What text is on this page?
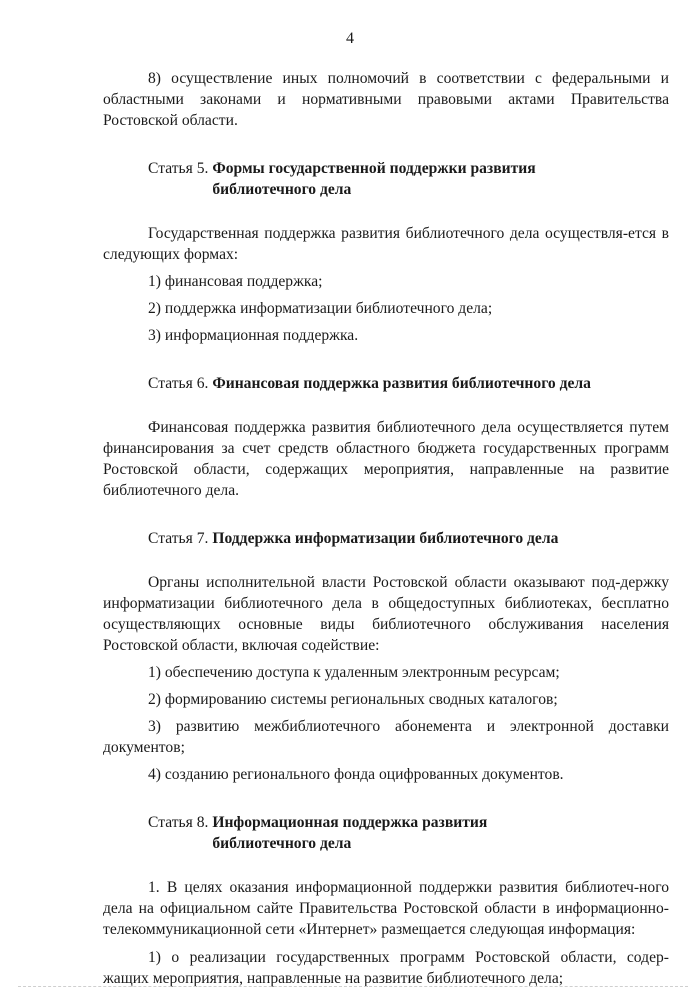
4

8) осуществление иных полномочий в соответствии с федеральными и областными законами и нормативными правовыми актами Правительства Ростовской области.

Статья 5. Формы государственной поддержки развития
библиотечного дела

Государственная поддержка развития библиотечного дела осуществля-ется в следующих формах:

1) финансовая поддержка;

2) поддержка информатизации библиотечного дела;

3) информационная поддержка.

Статья 6. Финансовая поддержка развития библиотечного дела

Финансовая поддержка развития библиотечного дела осуществляется путем финансирования за счет средств областного бюджета государственных программ Ростовской области, содержащих мероприятия, направленные на развитие библиотечного дела.

Статья 7. Поддержка информатизации библиотечного дела

Органы исполнительной власти Ростовской области оказывают под-держку информатизации библиотечного дела в общедоступных библиотеках, бесплатно осуществляющих основные виды библиотечного обслуживания населения Ростовской области, включая содействие:

1) обеспечению доступа к удаленным электронным ресурсам;

2) формированию системы региональных сводных каталогов;

3) развитию межбиблиотечного абонемента и электронной доставки документов;

4) созданию регионального фонда оцифрованных документов.

Статья 8. Информационная поддержка развития
библиотечного дела

1. В целях оказания информационной поддержки развития библиотеч-ного дела на официальном сайте Правительства Ростовской области в информационно-телекоммуникационной сети «Интернет» размещается следующая информация:

1) о реализации государственных программ Ростовской области, содер-жащих мероприятия, направленные на развитие библиотечного дела;
